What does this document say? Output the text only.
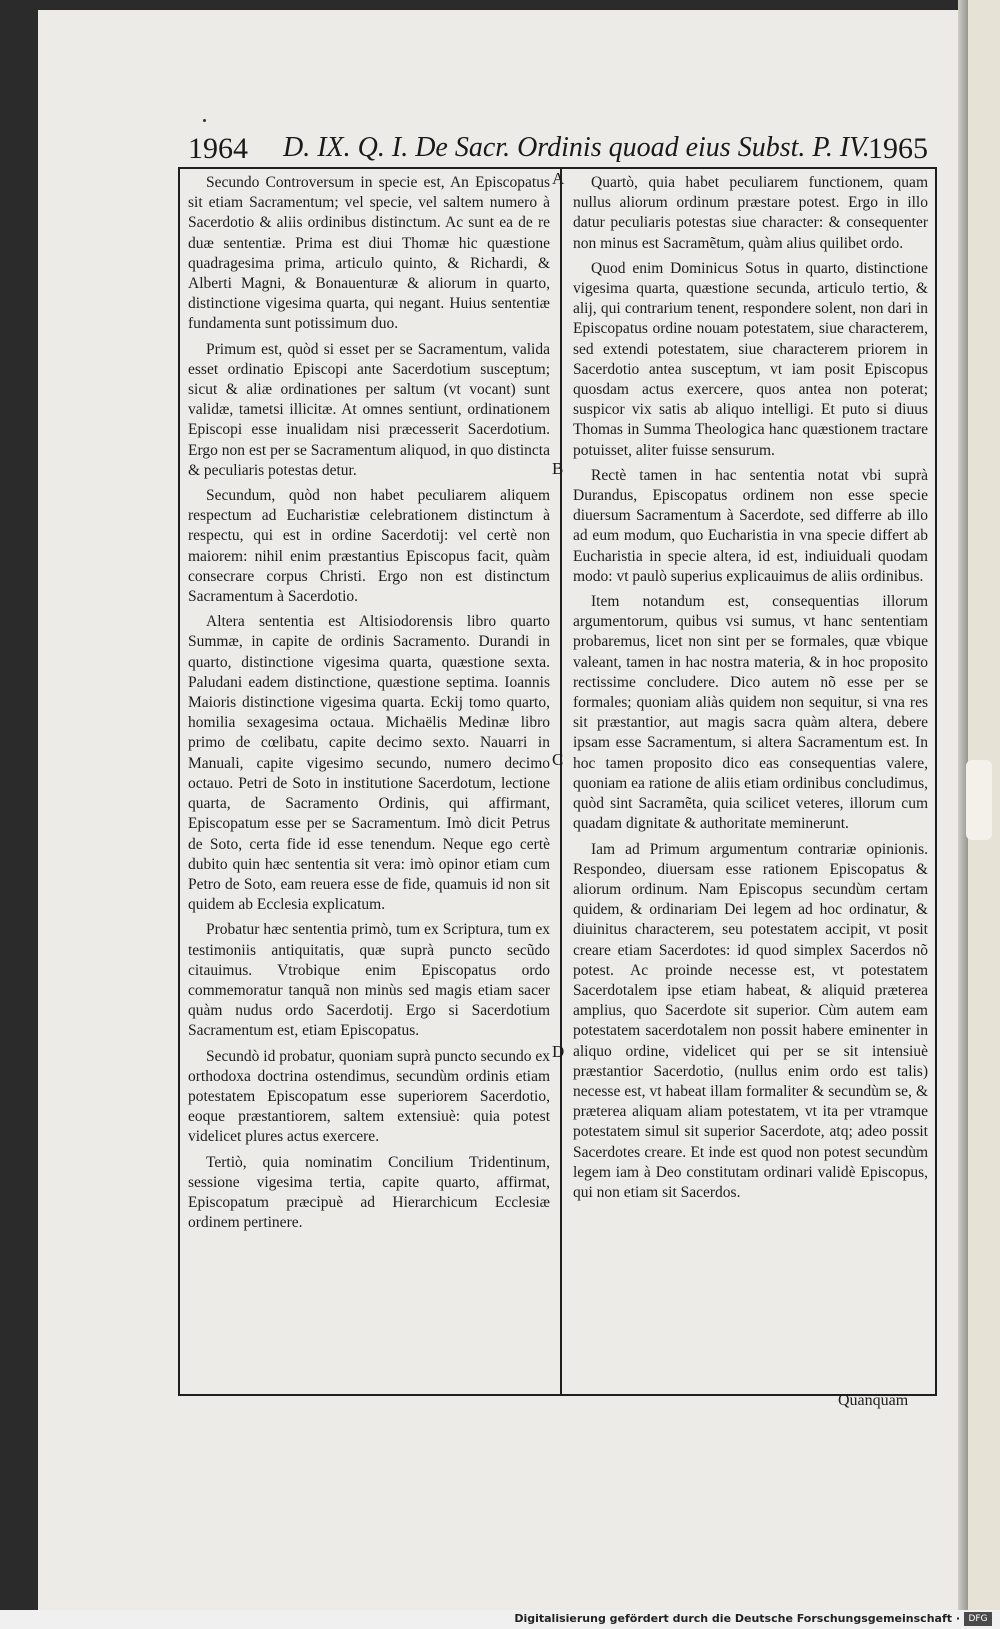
1964 D. IX. Q. I. De Sacr. Ordinis quoad eius Subst. P. IV.
1965

Secundo Controversum in specie est, An Episcopatus sit etiam Sacramentum; vel specie, vel saltem numero à Sacerdotio & aliis ordinibus distinctum. Ac sunt ea de re duæ sententiæ. Prima est diui Thomæ hic quæstione quadragesima prima, articulo quinto, & Richardi, & Alberti Magni, & Bonauenturæ & aliorum in quarto, distinctione vigesima quarta, qui negant. Huius sententiæ fundamenta sunt potissimum duo.

Primum est, quòd si esset per se Sacramentum, valida esset ordinatio Episcopi ante Sacerdotium susceptum; sicut & aliæ ordinationes per saltum (vt vocant) sunt validæ, tametsi illicitæ. At omnes sentiunt, ordinationem Episcopi esse inualidam nisi præcesserit Sacerdotium. Ergo non est per se Sacramentum aliquod, in quo distincta & peculiaris potestas detur.

Secundum, quòd non habet peculiarem aliquem respectum ad Eucharistiæ celebrationem distinctum à respectu, qui est in ordine Sacerdotij: vel certè non maiorem: nihil enim præstantius Episcopus facit, quàm consecrare corpus Christi. Ergo non est distinctum Sacramentum à Sacerdotio.

Altera sententia est Altisiodorensis libro quarto Summæ, in capite de ordinis Sacramento. Durandi in quarto, distinctione vigesima quarta, quæstione sexta. Paludani eadem distinctione, quæstione septima. Ioannis Maioris distinctione vigesima quarta. Eckij tomo quarto, homilia sexagesima octaua. Michaëlis Medinæ libro primo de cœlibatu, capite decimo sexto. Nauarri in Manuali, capite vigesimo secundo, numero decimo octauo. Petri de Soto in institutione Sacerdotum, lectione quarta, de Sacramento Ordinis, qui affirmant, Episcopatum esse per se Sacramentum. Imò dicit Petrus de Soto, certa fide id esse tenendum. Neque ego certè dubito quin hæc sententia sit vera: imò opinor etiam cum Petro de Soto, eam reuera esse de fide, quamuis id non sit quidem ab Ecclesia explicatum.

Probatur hæc sententia primò, tum ex Scriptura, tum ex testimoniis antiquitatis, quæ suprà puncto secũdo citauimus. Vtrobique enim Episcopatus ordo commemoratur tanquã non minùs sed magis etiam sacer quàm nudus ordo Sacerdotij. Ergo si Sacerdotium Sacramentum est, etiam Episcopatus.

Secundò id probatur, quoniam suprà puncto secundo ex orthodoxa doctrina ostendimus, secundùm ordinis etiam potestatem Episcopatum esse superiorem Sacerdotio, eoque præstantiorem, saltem extensiuè: quia potest videlicet plures actus exercere.

Tertiò, quia nominatim Concilium Tridentinum, sessione vigesima tertia, capite quarto, affirmat, Episcopatum præcipuè ad Hierarchicum Ecclesiæ ordinem pertinere.

A
B
C
D

Quartò, quia habet peculiarem functionem, quam nullus aliorum ordinum præstare potest. Ergo in illo datur peculiaris potestas siue character: & consequenter non minus est Sacramẽtum, quàm alius quilibet ordo.

Quod enim Dominicus Sotus in quarto, distinctione vigesima quarta, quæstione secunda, articulo tertio, & alij, qui contrarium tenent, respondere solent, non dari in Episcopatus ordine nouam potestatem, siue characterem, sed extendi potestatem, siue characterem priorem in Sacerdotio antea susceptum, vt iam posit Episcopus quosdam actus exercere, quos antea non poterat; suspicor vix satis ab aliquo intelligi. Et puto si diuus Thomas in Summa Theologica hanc quæstionem tractare potuisset, aliter fuisse sensurum.

Rectè tamen in hac sententia notat vbi suprà Durandus, Episcopatus ordinem non esse specie diuersum Sacramentum à Sacerdote, sed differre ab illo ad eum modum, quo Eucharistia in vna specie differt ab Eucharistia in specie altera, id est, indiuiduali quodam modo: vt paulò superius explicauimus de aliis ordinibus.

Item notandum est, consequentias illorum argumentorum, quibus vsi sumus, vt hanc sententiam probaremus, licet non sint per se formales, quæ vbique valeant, tamen in hac nostra materia, & in hoc proposito rectissime concludere. Dico autem nõ esse per se formales; quoniam aliàs quidem non sequitur, si vna res sit præstantior, aut magis sacra quàm altera, debere ipsam esse Sacramentum, si altera Sacramentum est. In hoc tamen proposito dico eas consequentias valere, quoniam ea ratione de aliis etiam ordinibus concludimus, quòd sint Sacramẽta, quia scilicet veteres, illorum cum quadam dignitate & authoritate meminerunt.

Iam ad Primum argumentum contrariæ opinionis. Respondeo, diuersam esse rationem Episcopatus & aliorum ordinum. Nam Episcopus secundùm certam quidem, & ordinariam Dei legem ad hoc ordinatur, & diuinitus characterem, seu potestatem accipit, vt posit creare etiam Sacerdotes: id quod simplex Sacerdos nõ potest. Ac proinde necesse est, vt potestatem Sacerdotalem ipse etiam habeat, & aliquid præterea amplius, quo Sacerdote sit superior. Cùm autem eam potestatem sacerdotalem non possit habere eminenter in aliquo ordine, videlicet qui per se sit intensiuè præstantior Sacerdotio, (nullus enim ordo est talis) necesse est, vt habeat illam formaliter & secundùm se, & præterea aliquam aliam potestatem, vt ita per vtramque potestatem simul sit superior Sacerdote, atq; adeo possit Sacerdotes creare. Et inde est quod non potest secundùm legem iam à Deo constitutam ordinari validè Episcopus, qui non etiam sit Sacerdos.

Quanquam
Digitalisierung gefördert durch die Deutsche Forschungsgemeinschaft · DFG
